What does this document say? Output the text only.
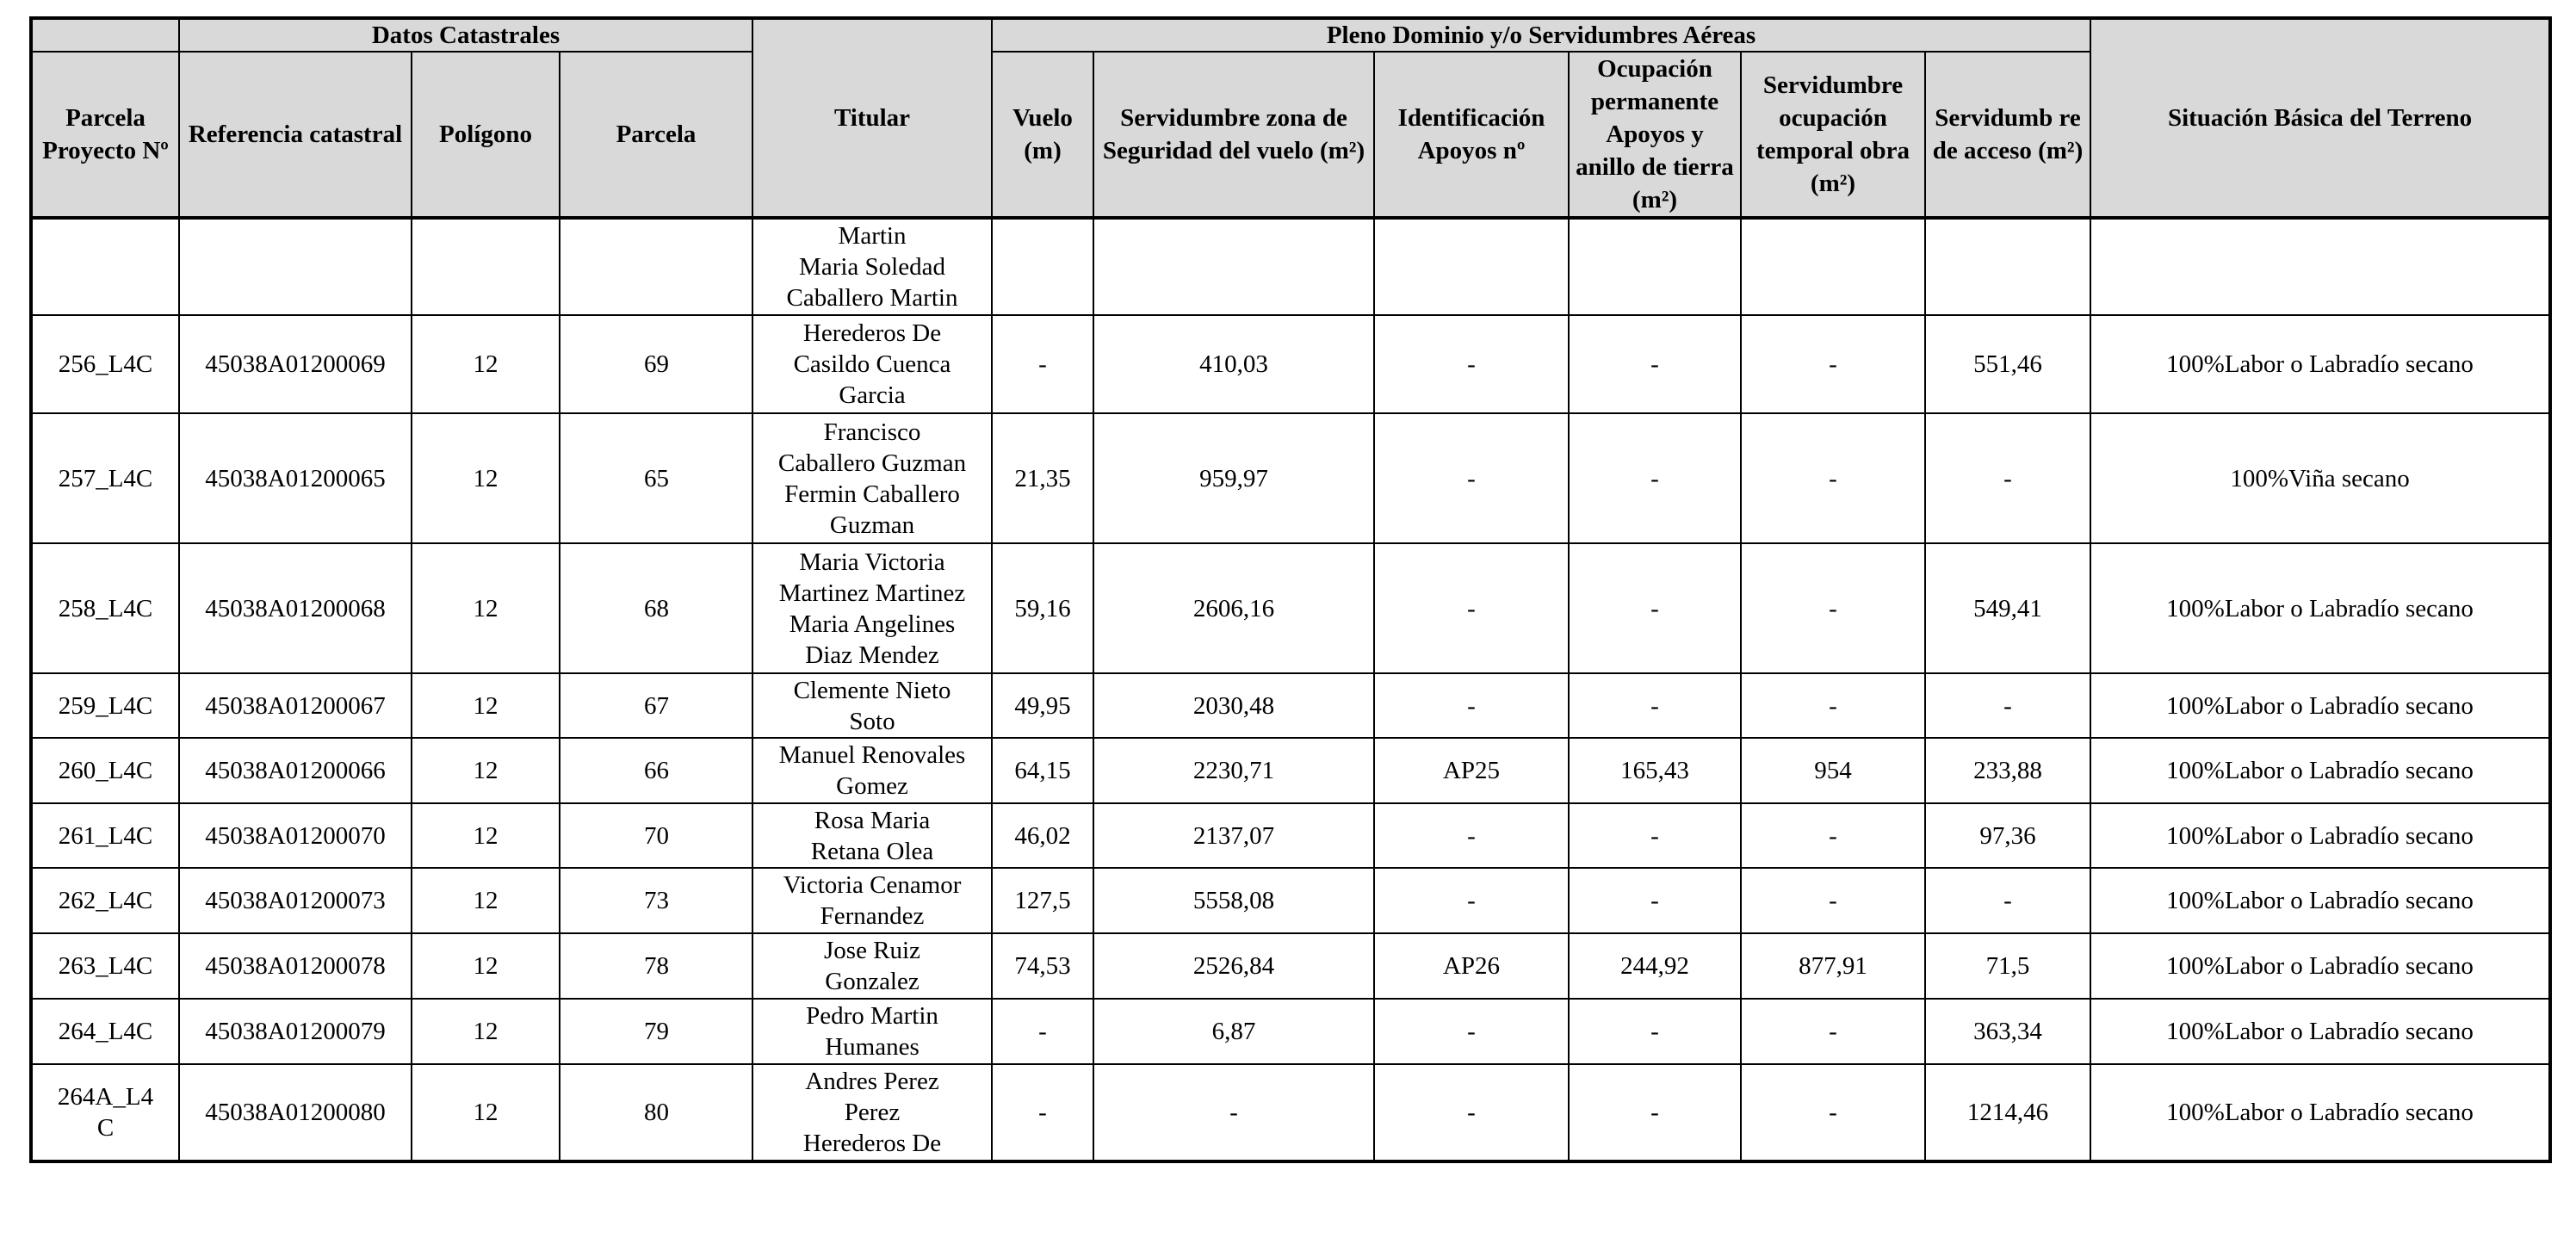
	Datos Catastrales			Titular	Pleno Dominio y/o Servidumbres Aéreas						Situación Básica del Terreno
Parcela Proyecto Nº	Referencia catastral	Polígono	Parcela		Vuelo (m)	Servidumbre zona de Seguridad del vuelo (m²)	Identificación Apoyos nº	Ocupación permanente Apoyos y anillo de tierra (m²)	Servidumbre ocupación temporal obra (m²)	Servidumb re de acceso (m²)	
				Martin
Maria Soledad
Caballero Martin							
256_L4C	45038A01200069	12	69	Herederos De
Casildo Cuenca
Garcia	-	410,03	-	-	-	551,46	100%Labor o Labradío secano
257_L4C	45038A01200065	12	65	Francisco
Caballero Guzman
Fermin Caballero
Guzman	21,35	959,97	-	-	-	-	100%Viña secano
258_L4C	45038A01200068	12	68	Maria Victoria
Martinez Martinez
Maria Angelines
Diaz Mendez	59,16	2606,16	-	-	-	549,41	100%Labor o Labradío secano
259_L4C	45038A01200067	12	67	Clemente Nieto
Soto	49,95	2030,48	-	-	-	-	100%Labor o Labradío secano
260_L4C	45038A01200066	12	66	Manuel Renovales
Gomez	64,15	2230,71	AP25	165,43	954	233,88	100%Labor o Labradío secano
261_L4C	45038A01200070	12	70	Rosa Maria
Retana Olea	46,02	2137,07	-	-	-	97,36	100%Labor o Labradío secano
262_L4C	45038A01200073	12	73	Victoria Cenamor
Fernandez	127,5	5558,08	-	-	-	-	100%Labor o Labradío secano
263_L4C	45038A01200078	12	78	Jose Ruiz
Gonzalez	74,53	2526,84	AP26	244,92	877,91	71,5	100%Labor o Labradío secano
264_L4C	45038A01200079	12	79	Pedro Martin
Humanes	-	6,87	-	-	-	363,34	100%Labor o Labradío secano
264A_L4
C	45038A01200080	12	80	Andres Perez
Perez
Herederos De	-	-	-	-	-	1214,46	100%Labor o Labradío secano
